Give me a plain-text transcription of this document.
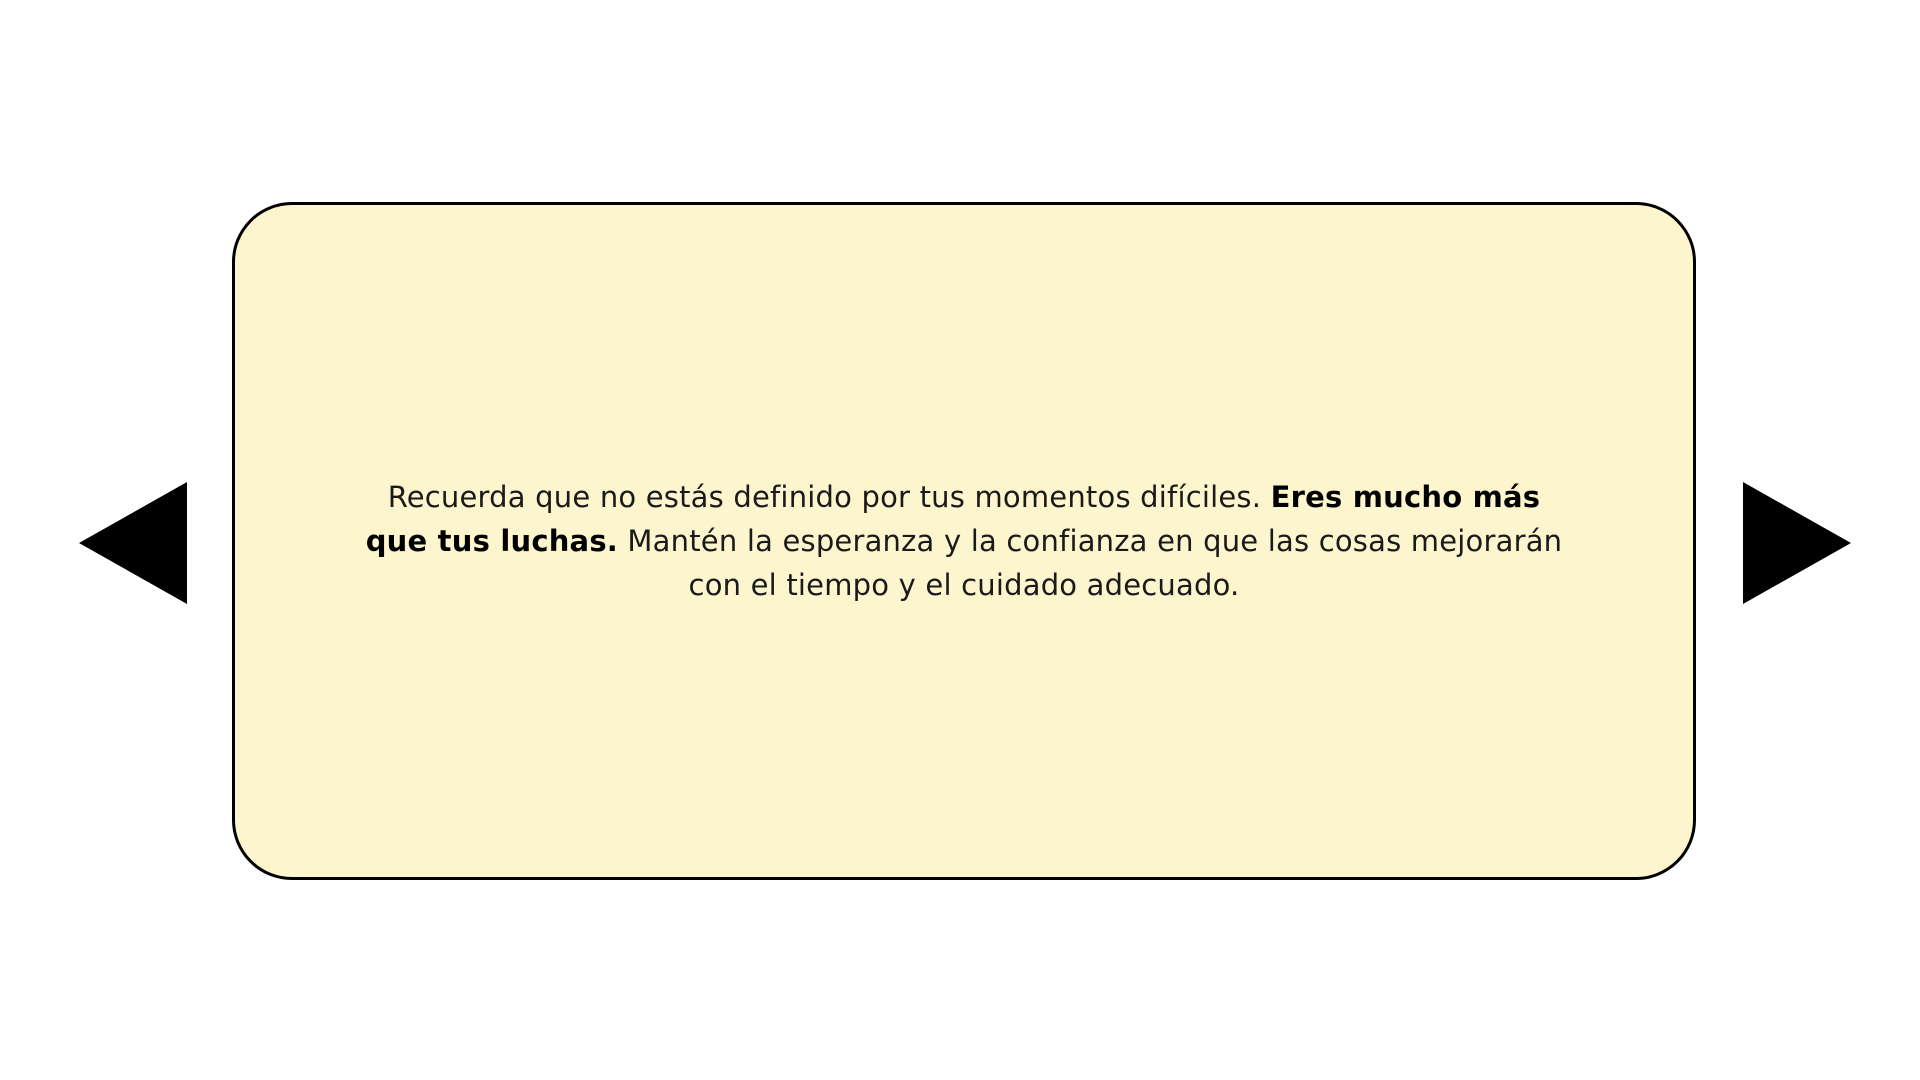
Recuerda que no estás definido por tus momentos difíciles. Eres mucho más que tus luchas. Mantén la esperanza y la confianza en que las cosas mejorarán con el tiempo y el cuidado adecuado.
